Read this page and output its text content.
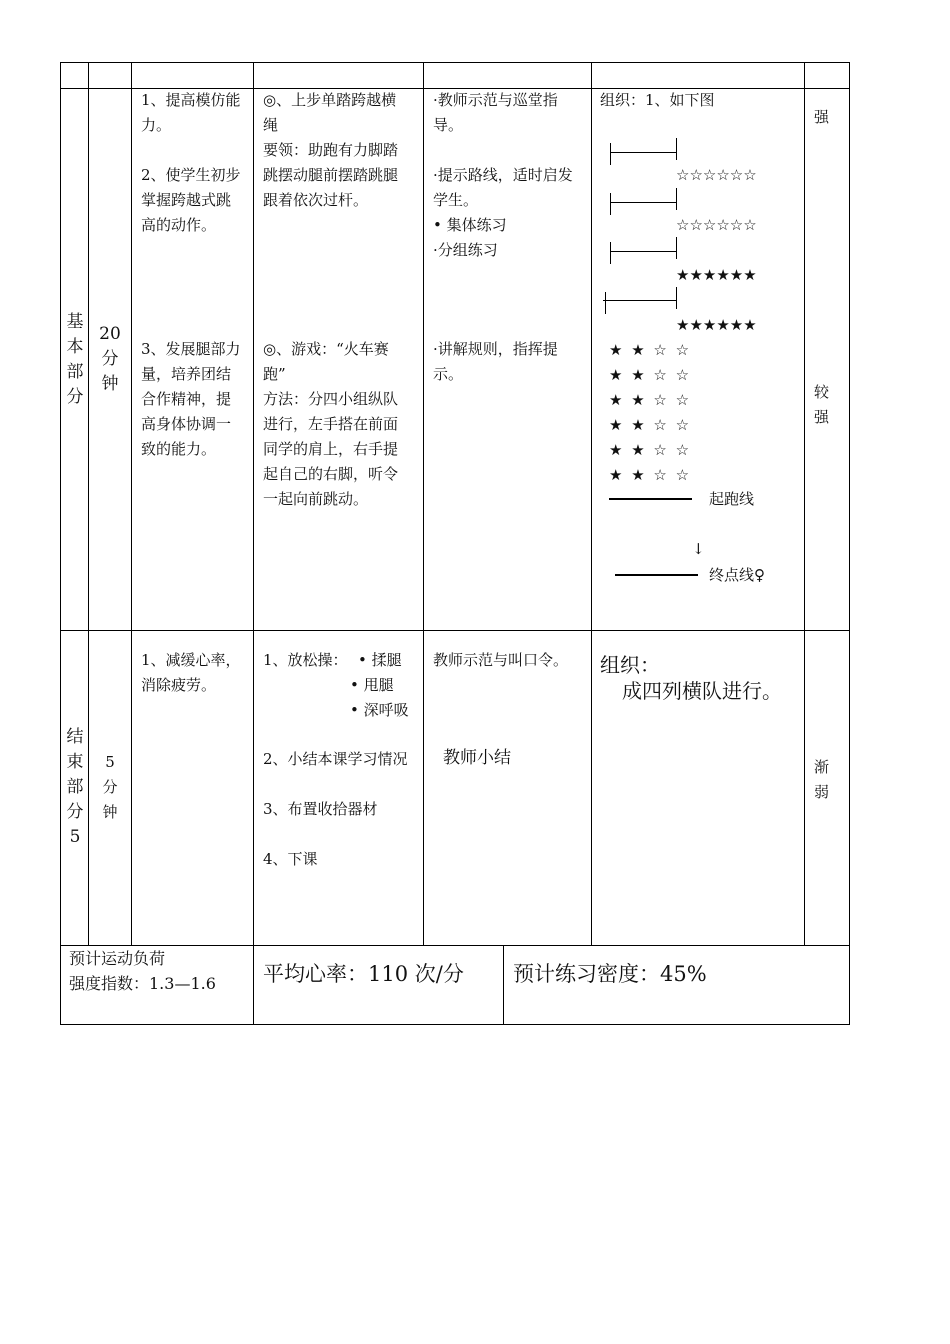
基
本
部
分
20
分
钟
1、提高模仿能
力。
2、使学生初步
掌握跨越式跳
高的动作。
3、发展腿部力
量，培养团结
合作精神，提
高身体协调一
致的能力。
◎、上步单踏跨越横
绳
要领：助跑有力脚踏
跳摆动腿前摆踏跳腿
跟着依次过杆。
◎、游戏：“火车赛
跑”
方法：分四小组纵队
进行，左手搭在前面
同学的肩上，右手提
起自己的右脚，听令
一起向前跳动。
·教师示范与巡堂指
导。
·提示路线，适时启发
学生。
• 集体练习
·分组练习
·讲解规则，指挥提
示。
组织：1、如下图
☆☆☆☆☆☆
☆☆☆☆☆☆
★★★★★★
★★★★★★
★ ★ ☆ ☆
★ ★ ☆ ☆
★ ★ ☆ ☆
★ ★ ☆ ☆
★ ★ ☆ ☆
★ ★ ☆ ☆
起跑线
↓
终点线♀
强
较强
结
束
部
分
5
5
分
钟
1、减缓心率，
消除疲劳。
1、放松操： • 揉腿
• 甩腿
• 深呼吸
2、小结本课学习情况
3、布置收拾器材
4、下课
教师示范与叫口令。
教师小结
组织：
成四列横队进行。
渐
弱
预计运动负荷
强度指数：1.3—1.6 平均心率：110 次/分 预计练习密度：45%
